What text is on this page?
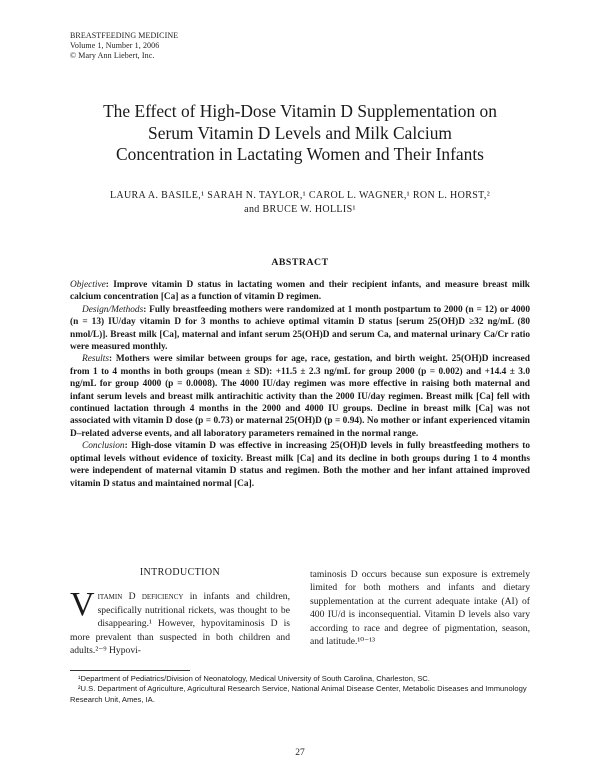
BREASTFEEDING MEDICINE
Volume 1, Number 1, 2006
© Mary Ann Liebert, Inc.
The Effect of High-Dose Vitamin D Supplementation on
Serum Vitamin D Levels and Milk Calcium
Concentration in Lactating Women and Their Infants
LAURA A. BASILE,¹ SARAH N. TAYLOR,¹ CAROL L. WAGNER,¹ RON L. HORST,²
and BRUCE W. HOLLIS¹
ABSTRACT

Objective: Improve vitamin D status in lactating women and their recipient infants, and measure breast milk calcium concentration [Ca] as a function of vitamin D regimen.

Design/Methods: Fully breastfeeding mothers were randomized at 1 month postpartum to 2000 (n = 12) or 4000 (n = 13) IU/day vitamin D for 3 months to achieve optimal vitamin D status [serum 25(OH)D ≥32 ng/mL (80 nmol/L)]. Breast milk [Ca], maternal and infant serum 25(OH)D and serum Ca, and maternal urinary Ca/Cr ratio were measured monthly.

Results: Mothers were similar between groups for age, race, gestation, and birth weight. 25(OH)D increased from 1 to 4 months in both groups (mean ± SD): +11.5 ± 2.3 ng/mL for group 2000 (p = 0.002) and +14.4 ± 3.0 ng/mL for group 4000 (p = 0.0008). The 4000 IU/day regimen was more effective in raising both maternal and infant serum levels and breast milk antirachitic activity than the 2000 IU/day regimen. Breast milk [Ca] fell with continued lactation through 4 months in the 2000 and 4000 IU groups. Decline in breast milk [Ca] was not associated with vitamin D dose (p = 0.73) or maternal 25(OH)D (p = 0.94). No mother or infant experienced vitamin D–related adverse events, and all laboratory parameters remained in the normal range.

Conclusion: High-dose vitamin D was effective in increasing 25(OH)D levels in fully breastfeeding mothers to optimal levels without evidence of toxicity. Breast milk [Ca] and its decline in both groups during 1 to 4 months were independent of maternal vitamin D status and regimen. Both the mother and her infant attained improved vitamin D status and maintained normal [Ca].

INTRODUCTION

Vitamin D deficiency in infants and children, specifically nutritional rickets, was thought to be disappearing.¹ However, hypovitaminosis D is more prevalent than suspected in both children and adults.²⁻⁹ Hypovi-

taminosis D occurs because sun exposure is extremely limited for both mothers and infants and dietary supplementation at the current adequate intake (AI) of 400 IU/d is inconsequential. Vitamin D levels also vary according to race and degree of pigmentation, season, and latitude.¹⁰⁻¹³

¹Department of Pediatrics/Division of Neonatology, Medical University of South Carolina, Charleston, SC.

²U.S. Department of Agriculture, Agricultural Research Service, National Animal Disease Center, Metabolic Diseases and Immunology Research Unit, Ames, IA.

27
